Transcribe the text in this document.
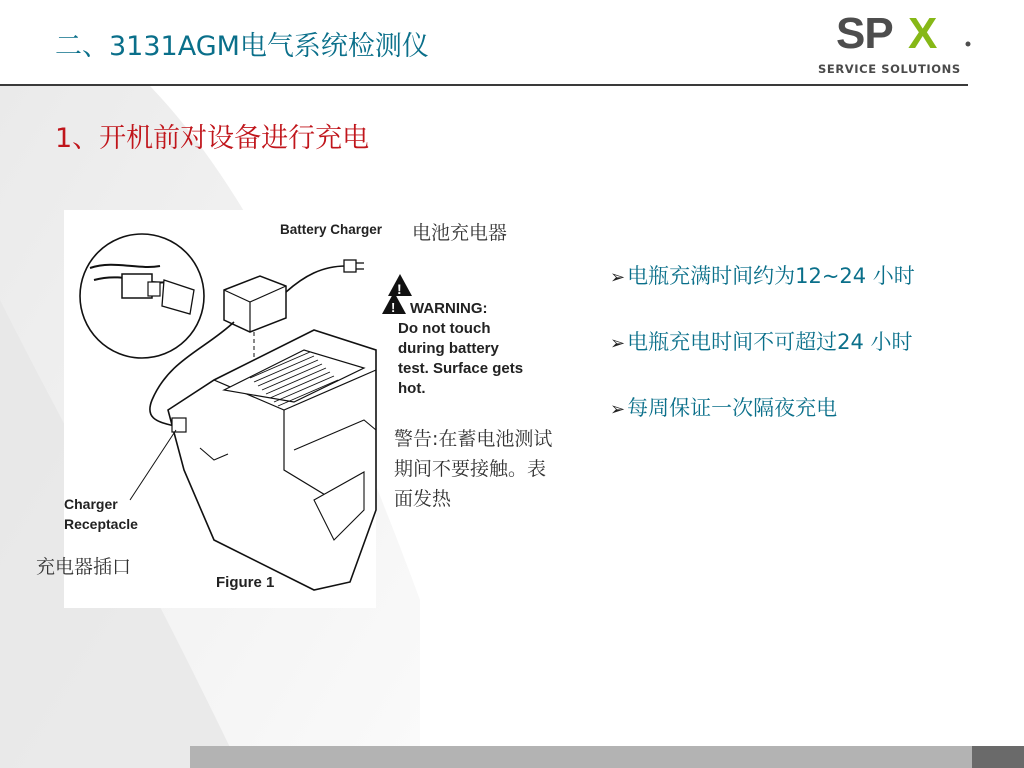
二、3131AGM电气系统检测仪	SP X
SERVICE SOLUTIONS
1、开机前对设备进行充电
!
Battery Charger
Charger
Receptacle
Figure 1
! WARNING:
Do not touch
during battery
test. Surface gets
hot.
电池充电器
警告:在蓄电池测试期间不要接触。表面发热
充电器插口
➢电瓶充满时间约为12~24 小时
➢电瓶充电时间不可超过24 小时
➢每周保证一次隔夜充电
